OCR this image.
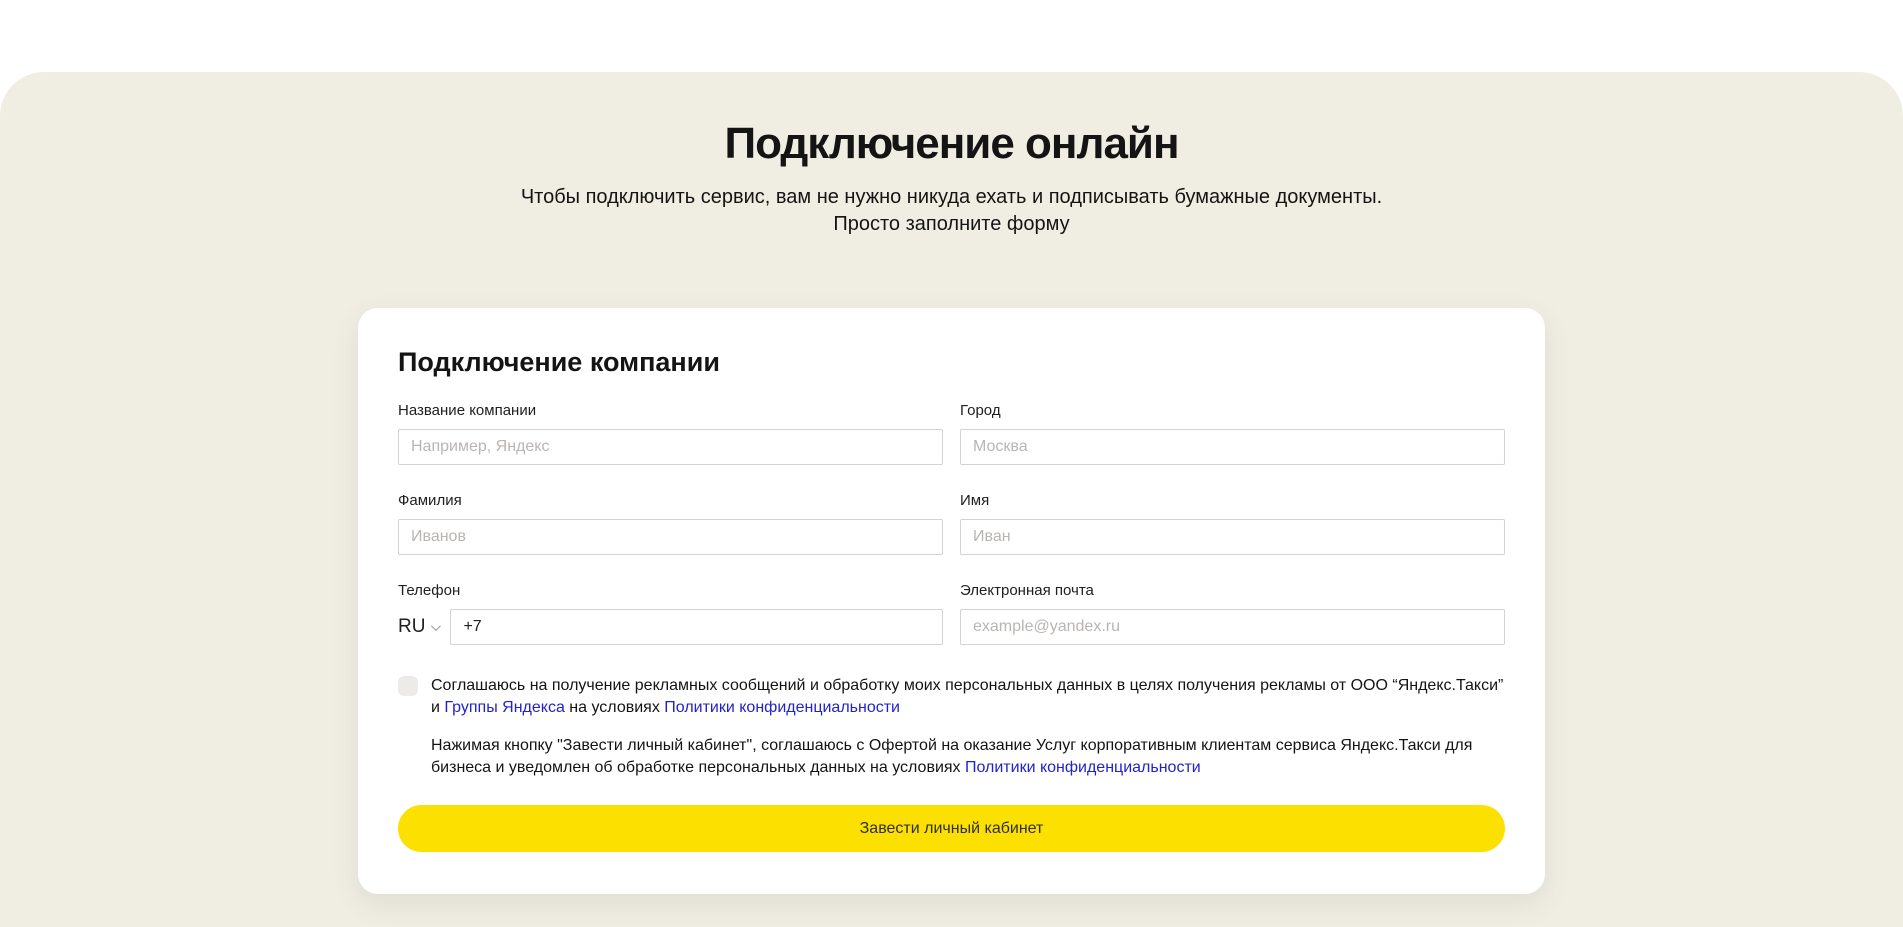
Подключение онлайн

Чтобы подключить сервис, вам не нужно никуда ехать и подписывать бумажные документы.
Просто заполните форму

Подключение компании
Название компании
Например, Яндекс	Город
Москва
Фамилия
Иванов	Имя
Иван
Телефон
RU
+7
Электронная почта
example@yandex.ru
Соглашаюсь на получение рекламных сообщений и обработку моих персональных данных в целях получения рекламы от ООО “Яндекс.Такси” и Группы Яндекса на условиях Политики конфиденциальности
Нажимая кнопку "Завести личный кабинет", соглашаюсь с Офертой на оказание Услуг корпоративным клиентам сервиса Яндекс.Такси для бизнеса и уведомлен об обработке персональных данных на условиях Политики конфиденциальности
Завести личный кабинет
